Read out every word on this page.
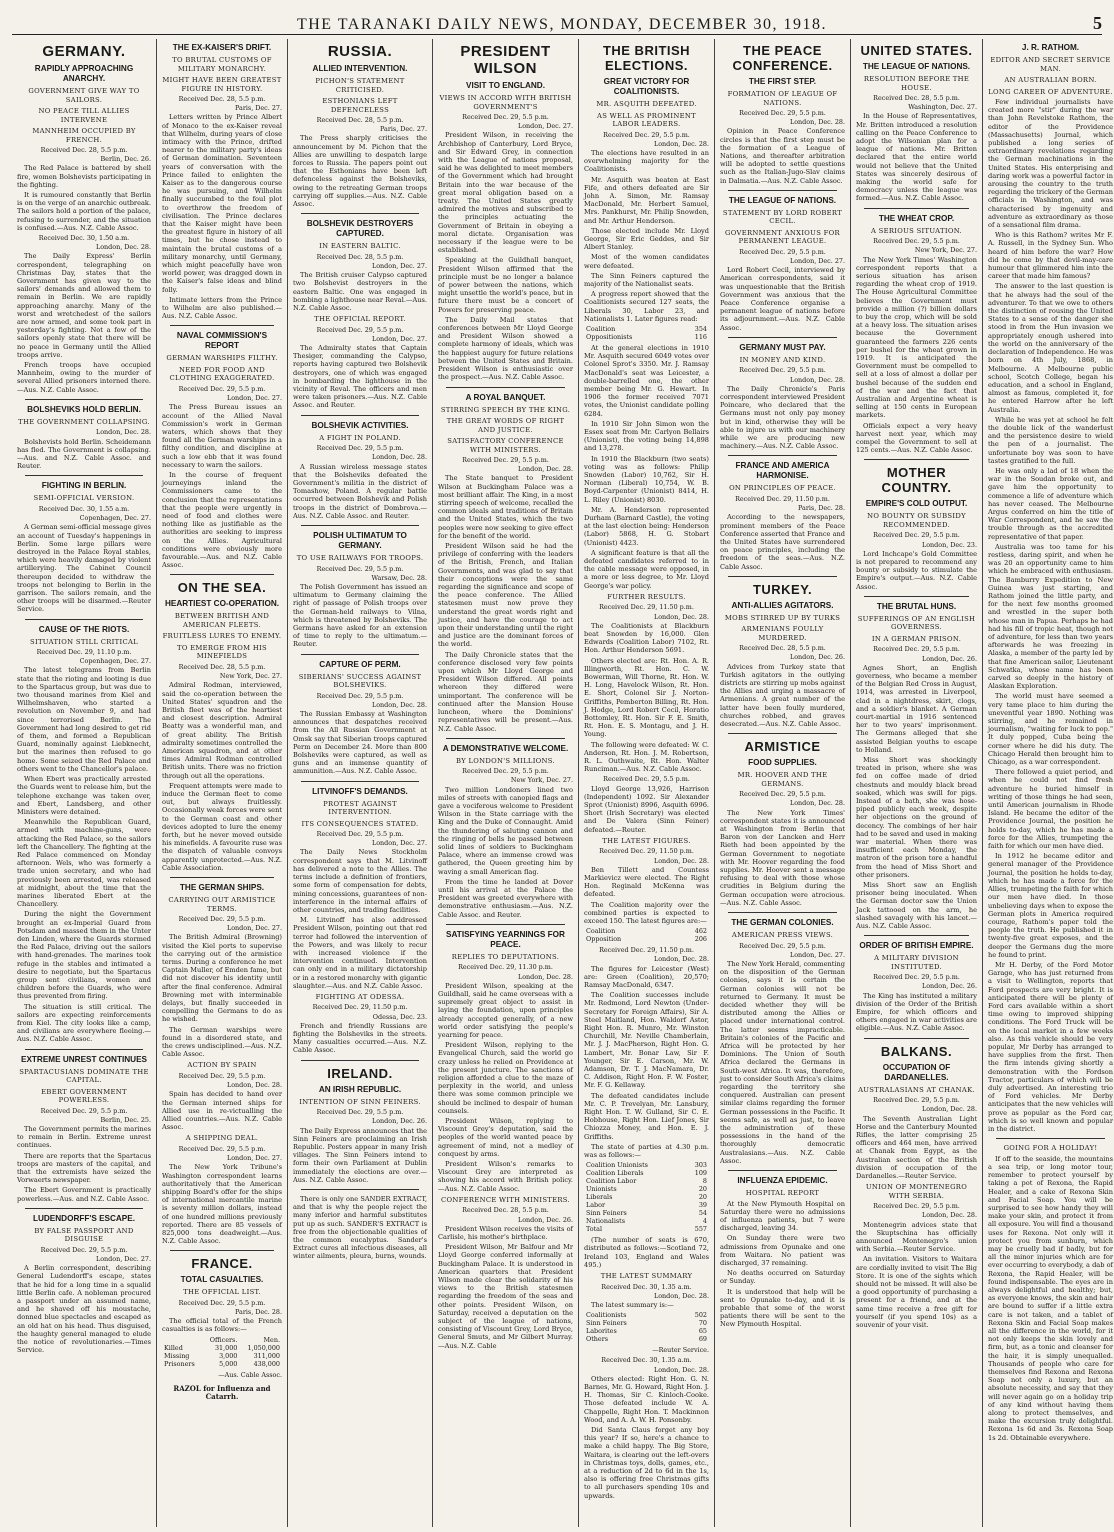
THE TARANAKI DAILY NEWS, MONDAY, DECEMBER 30, 1918.	5
GERMANY.
RAPIDLY APPROACHING ANARCHY.
GOVERNMENT GIVE WAY TO SAILORS.
NO PEACE TILL ALLIES INTERVENE
MANNHEIM OCCUPIED BY FRENCH.
Received Dec. 28, 5.5 p.m.
Berlin, Dec. 26.

The Red Palace is battered by shell fire, women Bolshevists participating in the fighting.

It is rumoured constantly that Berlin is on the verge of an anarchic outbreak. The sailors hold a portion of the palace, refusing to surrender, and the situation is confused.—Aus. N.Z. Cable Assoc.

Received Dec. 30, 1.50 a.m.
London, Dec. 28.

The Daily Express' Berlin correspondent, telegraphing on Christmas Day, states that the Government has given way to the sailors' demands and allowed them to remain in Berlin. We are rapidly approaching anarchy. Many of the worst and wretchedest of the sailors are now armed, and some took part in yesterday's fighting. Not a few of the sailors openly state that there will be no peace in Germany until the Allied troops arrive.

French troops have occupied Mannheim, owing to the murder of several Allied prisoners interned there.—Aus. N.Z. Cable Assoc.

BOLSHEVIKS HOLD BERLIN.
THE GOVERNMENT COLLAPSING.
London, Dec. 28.

Bolshevists hold Berlin. Scheidemann has fled. The Government is collapsing.—Aus. and N.Z. Cable Assoc. and Reuter.

FIGHTING IN BERLIN.
SEMI-OFFICIAL VERSION.
Received Dec. 30, 1.55 a.m.
Copenhagen, Dec. 27.

A German semi-official message gives an account of Tuesday's happenings in Berlin. Some large pillars were destroyed in the Palace Royal stables, which were heavily damaged by violent artillerying. The Cabinet Council thereupon decided to withdraw the troops not belonging to Berlin in the garrison. The sailors remain, and the other troops will be disarmed.—Reuter Service.

CAUSE OF THE RIOTS.
SITUATION STILL CRITICAL
Received Dec. 29, 11.10 p.m.
Copenhagen, Dec. 27.

The latest telegrams from Berlin state that the rioting and looting is due to the Spartacus group, but was due to two thousand marines from Kiel and Wilhelmshaven, who started a revolution on November 9, and had since terrorised Berlin. The Government had long desired to get rid of them, and formed a Republican Guard, nominally against Liebknecht, but the marines then refused to go home. Some seized the Red Palace and others went to the Chancellor's palace.

When Ebert was practically arrested the Guards went to release him, but the telephone exchange was taken over, and Ebert, Landsberg, and other Ministers were detained.

Meanwhile the Republican Guard, armed with machine-guns, were attacking the Red Palace, so the sailors left the Chancellery. The fighting at the Red Palace commenced on Monday afternoon. Wels, who was formerly a trade union secretary, and who had previously been arrested, was released at midnight, about the time that the marines liberated Ebert at the Chancellery.

During the night the Government brought an ex-Imperial Guard from Potsdam and massed them in the Unter den Linden, where the Guards stormed the Red Palace, driving out the sailors with hand-grenades. The marines took refuge in the stables and intimated a desire to negotiate, but the Spartacus group sent civilians, women and children before the Guards, who were thus prevented from firing.

The situation is still critical. The sailors are expecting reinforcements from Kiel. The city looks like a camp, and civilians are everywhere fleeing.—Aus. N.Z. Cable Assoc.

EXTREME UNREST CONTINUES
SPARTACUSIANS DOMINATE THE CAPITAL.
EBERT GOVERNMENT POWERLESS.
Received Dec. 29, 5.5 p.m.
Berlin, Dec. 25.

The Government permits the marines to remain in Berlin. Extreme unrest continues.

There are reports that the Spartacus troops are masters of the capital, and that the extremists have seized the Vorwaerts newspaper.

The Ebert Government is practically powerless.—Aus. and N.Z. Cable Assoc.

LUDENDORFF'S ESCAPE.
BY FALSE PASSPORT AND DISGUISE
Received Dec. 29, 5.5 p.m.
London, Dec. 27.

A Berlin correspondent, describing General Ludendorff's escape, states that he hid for a long time in a squalid little Berlin cafe. A nobleman procured a passport under an assumed name, and he shaved off his moustache, donned blue spectacles and escaped as an old hat on his head. Thus disguised, the haughty general managed to elude the notice of revolutionaries.—Times Service.

THE EX-KAISER'S DRIFT.
TO BRUTAL CUSTOMS OF MILITARY MONARCHY.
MIGHT HAVE BEEN GREATEST FIGURE IN HISTORY.
Received Dec. 28, 5.5 p.m.
Paris, Dec. 27.

Letters written by Prince Albert of Monaco to the ex-Kaiser reveal that Wilhelm, during years of close intimacy with the Prince, drifted nearer to the military party's ideas of German domination. Seventeen years of conversation with the Prince failed to enlighten the Kaiser as to the dangerous course he was pursuing, and Wilhelm finally succumbed to the foul plot to overthrow the freedom of civilisation. The Prince declares that the Kaiser might have been the greatest figure in history of all times, but he chose instead to maintain the brutal customs of a military monarchy, until Germany, which might peacefully have won world power, was dragged down in the Kaiser's false ideas and blind folly.

Intimate letters from the Prince to Wilhelm are also published.—Aus. N.Z. Cable Assoc.

NAVAL COMMISSION'S REPORT
GERMAN WARSHIPS FILTHY.
NEED FOR FOOD AND CLOTHING EXAGGERATED.
Received Dec. 29, 5.5 p.m.
London, Dec. 27.

The Press Bureau issues an account of the Allied Naval Commission's work in German waters, which shows that they found all the German warships in a filthy condition, and discipline at such a low ebb that it was found necessary to warn the sailors.

In the course of frequent journeyings inland the Commissioners came to the conclusion that the representations that the people were urgently in need of food and clothes were nothing like as justifiable as the authorities are seeking to impress on the Allies. Agricultural conditions were obviously more favourable.—Aus. and N.Z. Cable Assoc.

ON THE SEA.
HEARTIEST CO-OPERATION.
BETWEEN BRITISH AND AMERICAN FLEETS.
FRUITLESS LURES TO ENEMY.
TO EMERGE FROM HIS MINEFIELDS
Received Dec. 28, 5.5 p.m.
New York, Dec. 27.

Admiral Rodman, interviewed, said the co-operation between the United States' squadron and the British fleet was of the heartiest and closest description. Admiral Beatty was a wonderful man, and of great ability. The British admiralty sometimes controlled the American squadron, and at other times Admiral Rodman controlled British units. There was no friction through out all the operations.

Frequent attempts were made to induce the German fleet to come out, but always fruitlessly. Occasionally weak forces were sent to the German coast and other devices adopted to lure the enemy forth, but he never moved outside his minefields. A favourite ruse was the dispatch of valuable convoys apparently unprotected.—Aus. N.Z. Cable Association.

THE GERMAN SHIPS.
CARRYING OUT ARMISTICE TERMS.
Received Dec. 29, 5.5 p.m.
London, Dec. 27.

The British Admiral (Browning) visited the Kiel ports to supervise the carrying out of the armistice terms. During a conference he met Captain Muller, of Emden fame, but did not discover his identity until after the final conference. Admiral Browning met with interminable delays, but finally succeeded in compelling the Germans to do as he wished.

The German warships were found in a disordered state, and the crews undisciplined.—Aus. N.Z. Cable Assoc.

ACTION BY SPAIN
Received Dec. 29, 5.5 p.m.
London, Dec. 28.

Spain has decided to hand over the German interned ships for Allied use in re-victualling the Allied countries.—Aus. N.Z. Cable Assoc.

A SHIPPING DEAL.
Received Dec. 29, 5.5 p.m.
London, Dec. 27.

The New York Tribune's Washington correspondent learns authoritatively that the American shipping Board's offer for the ships of international mercantile marine is seventy million dollars, instead of one hundred millions previously reported. There are 85 vessels of 825,000 tons deadweight.—Aus. N.Z. Cable Assoc.

FRANCE.
TOTAL CASUALTIES.
THE OFFICIAL LIST.
Received Dec. 29, 5.5 p.m.
Paris, Dec. 28.

The official total of the French casualties is as follows:—

	Officers.	Men.
Killed	31,000	1,050,000
Missing	3,000	311,000
Prisoners	5,000	438,000
—Aus. Cable Assoc.
RAZOL for Influenza and Catarrh.
RUSSIA.
ALLIED INTERVENTION.
PICHON'S STATEMENT CRITICISED.
ESTHONIANS LEFT DEFENCELESS
Received Dec. 28, 5.5 p.m.
Paris, Dec. 27.

The Press sharply criticises the announcement by M. Pichon that the Allies are unwilling to despatch large forces to Russia. The papers point out that the Esthonians have been left defenceless against the Bolsheviks, owing to the retreating German troops carrying off supplies.—Aus. N.Z. Cable Assoc.

BOLSHEVIK DESTROYERS CAPTURED.
IN EASTERN BALTIC.
Received Dec. 28, 5.5 p.m.
London, Dec. 27.

The British cruiser Calypso captured two Bolshevist destroyers in the eastern Baltic. One was engaged in bombing a lighthouse near Reval.—Aus. N.Z. Cable Assoc.

THE OFFICIAL REPORT.
Received Dec. 29, 5.5 p.m.
London, Dec. 27.

The Admiralty states that Captain Thesiger, commanding the Calypso, reports having captured two Bolshevik destroyers, one of which was engaged in bombarding the lighthouse in the vicinity of Reval. The officers and men were taken prisoners.—Aus. N.Z. Cable Assoc. and Reuter.

BOLSHEVIK ACTIVITIES.
A FIGHT IN POLAND.
Received Dec. 29, 5.5 p.m.
London, Dec. 28.

A Russian wireless message states that the Bolsheviks defeated the Government's militia in the district of Tomashow, Poland. A regular battle occurred between Bolshevik and Polish troops in the district of Dombrova.—Aus. N.Z. Cable Assoc. and Reuter.

POLISH ULTIMATUM TO GERMANY.
TO USE RAILWAYS FOR TROOPS.
Received Dec. 29, 5.5 p.m.
Warsaw, Dec. 28.

The Polish Government has issued an ultimatum to Germany claiming the right of passage of Polish troops over the German-held railways to Vilna, which is threatened by Bolsheviks. The Germans have asked for an extension of time to reply to the ultimatum.—Reuter.

CAPTURE OF PERM.
SIBERIANS' SUCCESS AGAINST BOLSHEVIKS.
Received Dec. 29, 5.5 p.m.
London, Dec. 28.

The Russian Embassy at Washington announces that despatches received from the All Russian Government at Omsk say that Siberian troops captured Perm on December 24. More than 800 Bolsheviks were captured, as well as guns and an immense quantity of ammunition.—Aus. N.Z. Cable Assoc.

LITVINOFF'S DEMANDS.
PROTEST AGAINST INTERVENTION.
ITS CONSEQUENCES STATED.
Received Dec. 29, 5.5 p.m.
London, Dec. 27.

The Daily News Stockholm correspondent says that M. Litvinoff has delivered a note to the Allies. The terms include a definition of frontiers, some form of compensation for debts, mining concessions, guarantees of non-interference in the internal affairs of other countries, and trading facilities.

M. Litvinoff has also addressed President Wilson, pointing out that red terror had followed the intervention of the Powers, and was likely to recur with increased violence if the intervention continued. Intervention can only end in a military dictatorship or in a restored monarchy with gigantic slaughter.—Aus. and N.Z. Cable Assoc.

FIGHTING AT ODESSA.
Received Dec. 29, 11.50 p.m.
Odessa, Dec. 23.

French and friendly Russians are fighting the Bolsheviks in the streets. Many casualties occurred.—Aus. N.Z. Cable Assoc.

IRELAND.
AN IRISH REPUBLIC.
INTENTION OF SINN FEINERS.
Received Dec. 29, 5.5 p.m.
London, Dec. 26.

The Daily Express announces that the Sinn Feiners are proclaiming an Irish Republic. Posters appear in many Irish villages. The Sinn Feiners intend to form their own Parliament at Dublin immediately the elections are over.—Aus. N.Z. Cable Assoc.

There is only one SANDER EXTRACT, and that is why the people reject the many inferior and harmful substitutes put up as such. SANDER'S EXTRACT is free from the objectionable qualities of the common eucalyptus. Sander's Extract cures all infectious diseases, all winter ailments, pleura, burns, wounds.

PRESIDENT WILSON
VISIT TO ENGLAND.
VIEWS IN ACCORD WITH BRITISH GOVERNMENT'S
Received Dec. 29, 5.5 p.m.
London, Dec. 27.

President Wilson, in receiving the Archbishop of Canterbury, Lord Bryce, and Sir Edward Grey, in connection with the League of nations proposal, said he was delighted to meet members of the Government which had brought Britain into the war because of the great moral obligation based on a treaty. The United States greatly admired the motives and subscribed to the principles actuating the Government of Britain in obeying a moral dictate. Organisation was necessary if the league were to be established.

Speaking at the Guildhall banquet, President Wilson affirmed that the principle must be no longer a balance of power between the nations, which might unsettle the world's peace, but in future there must be a concert of Powers for preserving peace.

The Daily Mail states that conferences between Mr Lloyd George and President Wilson showed a complete harmony of ideals, which was the happiest augury for future relations between the United States and Britain. President Wilson is enthusiastic over the prospect.—Aus. N.Z. Cable Assoc.

A ROYAL BANQUET.
STIRRING SPEECH BY THE KING.
THE GREAT WORDS OF RIGHT AND JUSTICE.
SATISFACTORY CONFERENCE WITH MINISTERS.
Received Dec. 29, 5.5 p.m.
London, Dec. 28.

The State banquet to President Wilson at Buckingham Palace was a most brilliant affair. The King, in a most stirring speech of welcome, recalled the common ideals and traditions of Britain and the United States, which the two peoples were now seeking to give effect for the benefit of the world.

President Wilson said he had the privilege of conferring with the leaders of the British, French, and Italian Governments, and was glad to say that their conceptions were the same regarding the significance and scope of the peace conference. The Allied statesmen must now prove they understand the great words right and justice, and have the courage to act upon their understanding until the right and justice are the dominant forces of the world.

The Daily Chronicle states that the conference disclosed very few points upon which Mr Lloyd George and President Wilson differed. All points whereon they differed were unimportant. The conference will be continued after the Mansion House luncheon, where the Dominions' representatives will be present.—Aus. N.Z. Cable Assoc.

A DEMONSTRATIVE WELCOME.
BY LONDON'S MILLIONS.
Received Dec. 29, 5.5 p.m.
New York, Dec. 27.

Two million Londoners lined two miles of streets with canopied flags and gave a vociferous welcome to President Wilson in the State carriage with the King and the Duke of Connaught. Amid the thundering of saluting cannon and the ringing of bells he passed between solid lines of soldiers to Buckingham Palace, where an immense crowd was gathered, the Queen greeting him by waving a small American flag.

From the time he landed at Dover until his arrival at the Palace the President was greeted everywhere with demonstrative enthusiasm.—Aus. N.Z. Cable Assoc. and Reuter.

SATISFYING YEARNINGS FOR PEACE.
REPLIES TO DEPUTATIONS.
Received Dec. 29, 11.30 p.m.
London, Dec. 28.

President Wilson, speaking at the Guildhall, said he came overseas with a supremely great object to assist in laying the foundation, upon principles already accepted generally, of a new world order satisfying the people's yearning for peace.

President Wilson, replying to the Evangelical Church, said the world go crazy unless he relied on Providence at the present juncture. The sanctions of religion afforded a clue to the maze of perplexity in the world, and unless there was some common principle we should be inclined to despair of human counsels.

President Wilson, replying to Viscount Grey's deputation, said the peoples of the world wanted peace by agreement of mind, not a medley of conquest by arms.

President Wilson's remarks to Viscount Grey are interpreted as showing his accord with British policy.—Aus. N.Z. Cable Assoc.

CONFERENCE WITH MINISTERS.
Received Dec. 28, 5.5 p.m.
London, Dec. 26.

President Wilson receives the visits of Carlisle, his mother's birthplace.

President Wilson, Mr Balfour and Mr Lloyd George conferred informally at Buckingham Palace. It is understood in American quarters that President Wilson made clear the solidarity of his views to the British statesmen regarding the freedom of the seas and other points. President Wilson, on Saturday, received a deputation on the subject of the league of nations, consisting of Viscount Grey, Lord Bryce, General Smuts, and Mr Gilbert Murray.—Aus. N.Z. Cable

THE BRITISH ELECTIONS.
GREAT VICTORY FOR COALITIONISTS.
MR. ASQUITH DEFEATED.
AS WELL AS PROMINENT LABOR LEADERS.
Received Dec. 29, 5.5 p.m.
London, Dec. 28.

The elections have resulted in an overwhelming majority for the Coalitionists.

Mr. Asquith was beaten at East Fife, and others defeated are Sir John A. Simon, Mr. Ramsay MacDonald, Mr. Herbert Samuel, Mrs. Pankhurst, Mr. Philip Snowden, and Mr. Arthur Henderson.

Those elected include Mr. Lloyd George, Sir Eric Geddes, and Sir Albert Stanley.

Most of the women candidates were defeated.

The Sinn Feiners captured the majority of the Nationalist seats.

A progress report showed that the Coalitionists secured 127 seats, the Liberals 30, Labor 23, and Nationalists 1. Later figures read:

Coalition	354
Oppositionists	116

At the general elections in 1910 Mr. Asquith secured 6049 votes over Colonel Sprot's 3350. Mr. J. Ramsay MacDonald's seat was Leicester, a double-barrelled one, the other member being Mr. G. Hewart. In 1906 the former received 7071 votes, the Unionist candidate polling 6284.

In 1910 Sir John Simon won the Essex seat from Mr. Carlyon Bellairs (Unionist), the voting being 14,898 and 13,278.

In 1910 the Blackburn (two seats) voting was as follows: Philip Snowden (Labor) 10,762, Sir H. Norman (Liberal) 10,754, W. B. Boyd-Carpenter (Unionist) 8414, H. L. Riley (Unionist) 8030.

Mr. A. Henderson represented Durham (Barnard Castle), the voting at the last election being: Henderson (Labor) 5868, H. G. Stobart (Unionist) 4423.

A significant feature is that all the defeated candidates referred to in the cable message were opposed, in a more or less degree, to Mr. Lloyd George's war policy.

FURTHER RESULTS.
Received Dec. 29, 11.50 p.m.
London, Dec. 28.

The Coalitionists at Blackburn beat Snowden by 16,000. Glen Edwards (Coalition Labor) 7102, Rt. Hon. Arthur Henderson 5691.

Others elected are: Rt. Hon. A. R. Illingworth, Rt. Hon. C. W. Bowerman, Will Thorne, Rt. Hon. W. H. Long, Havelock Wilson, Rt. Hon. E. Short, Colonel Sir J. Norton-Griffiths, Pemberton Billing, Rt. Hon. J. Hodge, Lord Robert Cecil, Horatio Bottomley, Rt. Hon. Sir F. E. Smith, Rt. Hon. E. S. Montagu, and J. H. Young.

The following were defeated: W. C. Anderson, Rt. Hon. J. M. Robertson, R. L. Outhwaite, Rt. Hon. Walter Runciman.—Aus. N.Z. Cable Assoc.

Received Dec. 29, 5.5 p.m.

Lloyd George 13,926, Harrison (Independent) 1092. Sir Alexander Sprot (Unionist) 8996, Asquith 6996. Short (Irish Secretary) was elected and De Valera (Sinn Feiner) defeated.—Reuter.

THE LATEST FIGURES.
Received Dec. 29, 11.50 p.m.
London, Dec. 28.

Ben Tillett and Countess Markievicz were elected. The Right Hon. Reginald McKenna was defeated.

The Coalition majority over the combined parties is expected to exceed 150. The latest figures are:—

Coalition	462
Opposition	206
Received Dec. 29, 11.50 p.m.
London, Dec. 28.

The figures for Leicester (West) are: Green (Coalition), 20,570; Ramsay MacDonald, 6347.

The Coalition successes include Mr. Redmond, Lord Newton (Under-Secretary for Foreign Affairs), Sir A. Steel Maitland, Hon. Waldorf Astor, Right Hon. R. Munro, Mr. Winston Churchill, Mr. Neville Chamberlain, Mr. J. J. MacPherson, Right Hon. G. Lambert, Mr. Bonar Law, Sir F. Younger, Sir E. Carson, Mr. W. Adamson, Dr. T. J. MacNamara, Dr. C. Addison, Right Hon. F. W. Foster, Mr. F. G. Kellaway.

The defeated candidates include Mr. C. P. Trevelyan, Mr. Lansbury, Right Hon. T. W. Gulland, Sir C. E. Hobhouse, Right Hon. Lief Jones, Sir Chiozza Money, and Hon. E. J. Griffiths.

The state of parties at 4.30 p.m. was as follows:—

Coalition Unionists	303
Coalition Liberals	109
Coalition Labor	8
Unionists	20
Liberals	20
Labor	39
Sinn Feiners	54
Nationalists	4
Total	557

(The number of seats is 670, distributed as follows:—Scotland 72, Ireland 103, England and Wales 495.)

THE LATEST SUMMARY
Received Dec. 30, 1.35 a.m.
London, Dec. 28.

The latest summary is:—

Coalitionists	502
Sinn Feiners	70
Laborites	65
Others	69
—Reuter Service.
Received Dec. 30, 1.35 a.m.
London, Dec. 28.

Others elected: Right Hon. G. N. Barnes, Mr. G. Howard, Right Hon. J. H. Thomas, Sir C. Kinloch-Cooke. Those defeated include W. A. Chappelle, Right Hon. T. Mackinnon Wood, and A. A. W. H. Ponsonby.

Did Santa Claus forget any boy this year? If so, here's a chance to make a child happy. The Big Store, Waitara, is clearing out the left-overs in Christmas toys, dolls, games, etc., at a reduction of 2d to 6d in the 1s, also is offering free Christmas gifts to all purchasers spending 10s and upwards.

THE PEACE CONFERENCE.
THE FIRST STEP.
FORMATION OF LEAGUE OF NATIONS.
Received Dec. 29, 5.5 p.m.
London, Dec. 28.

Opinion in Peace Conference circles is that the first step must be the formation of a League of Nations, and thereafter arbitration will be adopted to settle questions such as the Italian-Jugo-Slav claims in Dalmatia.—Aus. N.Z. Cable Assoc.

THE LEAGUE OF NATIONS.
STATEMENT BY LORD ROBERT CECIL.
GOVERNMENT ANXIOUS FOR PERMANENT LEAGUE.
Received Dec. 29, 5.5 p.m.
London, Dec. 27.

Lord Robert Cecil, interviewed by American correspondents, said it was unquestionable that the British Government was anxious that the Peace Conference organise a permanent league of nations before its adjournment.—Aus. N.Z. Cable Assoc.

GERMANY MUST PAY.
IN MONEY AND KIND.
Received Dec. 29, 5.5 p.m.
London, Dec. 28.

The Daily Chronicle's Paris correspondent interviewed President Poincare, who declared that the Germans must not only pay money but in kind, otherwise they will be able to injure us with our machinery while we are producing new machinery.—Aus. N.Z. Cable Assoc.

FRANCE AND AMERICA HARMONISE.
ON PRINCIPLES OF PEACE.
Received Dec. 29, 11.50 p.m.
Paris, Dec. 28.

According to the newspapers, prominent members of the Peace Conference asserted that France and the United States have surrendered on peace principles, including the freedom of the seas.—Aus. N.Z. Cable Assoc.

TURKEY.
ANTI-ALLIES AGITATORS.
MOBS STIRRED UP BY TURKS
ARMENIANS FOULLY MURDERED.
Received Dec. 28, 5.5 p.m.
London, Dec. 26.

Advices from Turkey state that Turkish agitators in the outlying districts are stirring up mobs against the Allies and urging a massacre of Armenians. A great number of the latter have been foully murdered, churches robbed, and graves desecrated.—Aus. N.Z. Cable Assoc.

ARMISTICE
FOOD SUPPLIES.
MR. HOOVER AND THE GERMANS.
Received Dec. 29, 5.5 p.m.
London, Dec. 28.

The New York Times' correspondent states it is announced at Washington from Berlin that Baron von der Lancken and Herr Rieth had been appointed by the German Government to negotiate with Mr. Hoover regarding the food supplies. Mr. Hoover sent a message refusing to deal with those whose crudities in Belgium during the German occupation were atrocious.—Aus. N.Z. Cable Assoc.

THE GERMAN COLONIES.
AMERICAN PRESS VIEWS.
Received Dec. 29, 5.5 p.m.
London, Dec. 27.

The New York Herald, commenting on the disposition of the German colonies, says it is certain the German colonies will not be returned to Germany. It must be decided whether they will be distributed among the Allies or placed under international control. The latter seems impracticable. Britain's colonies of the Pacific and Africa will be protected by her Dominions. The Union of South Africa declared the Germans in South-west Africa. It was, therefore, just to consider South Africa's claims regarding the territory she conquered. Australian can present similar claims regarding the former German possessions in the Pacific. It seems safe, as well as just, to leave the administration of these possessions in the hand of the thoroughly democratic Australasians.—Aus. N.Z. Cable Assoc.

INFLUENZA EPIDEMIC.
HOSPITAL REPORT

At the New Plymouth Hospital on Saturday there were no admissions of influenza patients, but 7 were discharged, leaving 34.

On Sunday there were two admissions from Opunake and one from Waitara. No patient was discharged, 37 remaining.

No deaths occurred on Saturday or Sunday.

It is understood that help will be sent to Opunake to-day, and it is probable that some of the worst patients there will be sent to the New Plymouth Hospital.

UNITED STATES.
THE LEAGUE OF NATIONS.
RESOLUTION BEFORE THE HOUSE.
Received Dec. 28, 5.5 p.m.
Washington, Dec. 27.

In the House of Representatives, Mr. Britten introduced a resolution calling on the Peace Conference to adopt the Wilsonian plan for a league of nations. Mr. Britten declared that the entire world would not believe that the United States was sincerely desirous of making the world safe for democracy unless the league was formed.—Aus. N.Z. Cable Assoc.

THE WHEAT CROP.
A SERIOUS SITUATION.
Received Dec. 29, 5.5 p.m.
New York, Dec. 27.

The New York Times' Washington correspondent reports that a serious situation has arisen regarding the wheat crop of 1919. The House Agricultural Committee believes the Government must provide a million (?) billion dollars to buy the crop, which will be sold at a heavy loss. The situation arises because the Government guaranteed the farmers 226 cents per bushel for the wheat grown in 1919. It is anticipated the Government must be compelled to sell at a loss of almost a dollar per bushel because of the sudden end of the war and the fact that Australian and Argentine wheat is selling at 150 cents in European markets.

Officials expect a very heavy harvest next year, which may compel the Government to sell at 125 cents.—Aus. N.Z. Cable Assoc.

MOTHER COUNTRY.
EMPIRE'S COLD OUTPUT.
NO BOUNTY OR SUBSIDY RECOMMENDED.
Received Dec. 29, 5.5 p.m.
London, Dec. 23.

Lord Inchcape's Gold Committee is not prepared to recommend any bounty or subsidy to stimulate the Empire's output.—Aus. N.Z. Cable Assoc.

THE BRUTAL HUNS.
SUFFERINGS OF AN ENGLISH GOVERNESS.
IN A GERMAN PRISON.
Received Dec. 29, 5.5 p.m.
London, Dec. 26.

Agnes Short, an English governess, who became a member of the Belgian Red Cross in August, 1914, was arrested in Liverpool, clad in a nightdress, skirt, clogs, and a soldier's blanket. A German court-martial in 1916 sentenced her to two years' imprisonment. The Germans alleged that she assisted Belgian youths to escape to Holland.

Miss Short was shockingly treated in prison, where she was fed on coffee made of dried chestnuts and mouldy black bread soaked, which was swill for pigs. Instead of a bath, she was hose-piped publicly each week, despite her objections on the ground of decency. The combings of her hair had to be saved and used in making war material. When there was insufficient each Monday, the matron of the prison tore a handful from the head of Miss Short and other prisoners.

Miss Short saw an English prisoner being inoculated. When the German doctor saw the Union Jack tattooed on the arm, he slashed savagely with his lancet.—Aus. N.Z. Cable Assoc.

ORDER OF BRITISH EMPIRE.
A MILITARY DIVISION INSTITUTED.
Received Dec. 29, 5.5 p.m.
London, Dec. 26.

The King has instituted a military division of the Order of the British Empire, for which officers and others engaged in war activities are eligible.—Aus. N.Z. Cable Assoc.

BALKANS.
OCCUPATION OF DARDANELLES.
AUSTRALASIANS AT CHANAK.
Received Dec. 29, 5.5 p.m.
London, Dec. 28.

The Seventh Australian Light Horse and the Canterbury Mounted Rifles, the latter comprising 25 officers and 464 men, have arrived at Chanak from Egypt, as the Australian section of the British division of occupation of the Dardanelles.—Reuter Service.

UNION OF MONTENEGRO WITH SERBIA.
Received Dec. 29, 5.5 p.m.
London, Dec. 28.

Montenegrin advices state that the Skuptschina has officially announced Montenegro's union with Serbia.—Reuter Service.

An invitation. Visitors to Waitara are cordially invited to visit The Big Store. It is one of the sights which should not be missed. It will also be a good opportunity of purchasing a present for a friend, and at the same time receive a free gift for yourself (if you spend 10s) as a souvenir of your visit.

J. R. RATHOM.
EDITOR AND SECRET SERVICE MAN.
AN AUSTRALIAN BORN.
LONG CAREER OF ADVENTURE.

Few individual journalists have created more "stir" during the war than John Revelstoke Rathom, the editor of the Providence (Massachusetts) Journal, which published a long series of extraordinary revelations regarding the German machinations in the United States. His enterprising and daring work was a powerful factor in arousing the country to the truth regarding the trickery of the German officials in Washington, and was characterised by ingenuity and adventure as extraordinary as those of a sensational film drama.

Who is this Rathom? writes Mr F. A. Russell, in the Sydney Sun. Who heard of him before the war? How did he come by that devil-may-care humour that glimmered him into the career that made him famous?

The answer to the last question is that he always had the soul of the adventurer. To that we owe to others the distinction of rousing the United States to a sense of the danger she stood in from the Hun invasion we appropriately enough ushered into the world on the anniversary of the declaration of Independence. He was born on 4th July, 1868, in Melbourne. A Melbourne public school, Scotch College, began his education, and a school in England, almost as famous, completed it, for he entered Harrow after he left Australia.

While he was yet at school he felt the double lick of the wanderlust and the persistence desire to wield the pen of a journalist. The unfortunate boy was soon to have tastes gratified to the full.

He was only a lad of 18 when the war in the Soudan broke out, and gave him the opportunity to commence a life of adventure which has never ceased. The Melbourne Argus conferred on him the title of War Correspondent, and he saw the trouble through as the accredited representative of that paper.

Australia was too tame for his restless, daring spirit, and when he was 20 an opportunity came to him which he embraced with enthusiasm. The Bamburry Expedition to New Guinea was just starting, and Rathom joined the little party, and for the next few months groomed and wrestled in the super both whose man in Papua. Perhaps he had had his fill of tropic heat, though not of adventure, for less than two years afterwards he was freezing in Alaska, a member of the party led by that fine American sailor, Lieutenant Schwatka, whose name has been carved so deeply in the history of Alaskan Exploration.

The world must have seemed a very tame place to him during the uneventful year 1890. Nothing was stirring, and he remained in journalism, "waiting for luck to pop." It duly popped, Cuba being the corner where he did his duty. The Chicago Herald then brought him to Chicago, as a war correspondent.

There followed a quiet period, and when he could not find fresh adventure he buried himself in writing of those things he had seen, until American journalism in Rhode Island. He became the editor of the Providence Journal, the position he holds to-day, which he has made a force for the Allies, trumpeting the faith for which our men have died.

In 1912 he became editor and general manager of the Providence Journal, the position he holds to-day, which he has made a force for the Allies, trumpeting the faith for which our men have died. In those unbelieving days when to expose the German plots in America required courage, Rathom's paper told the people the truth. He published it in twenty-five great exposes, and the deeper the Germans dug the more he found to print.

Mr H. Derby, of the Ford Motor Garage, who has just returned from a visit to Wellington, reports that Ford prospects are very bright. It is anticipated there will be plenty of Ford cars available within a short time owing to improved shipping conditions. The Ford Truck will be on the local market in a few weeks also. As this vehicle should be very popular, Mr Derby has arranged to have supplies from the first. Then the firm intends giving shortly a demonstration with the Fordson Tractor, particulars of which will be duly advertised. An interesting trio of Ford vehicles. Mr Derby anticipates that the new vehicles will prove as popular as the Ford car, which is so well known and popular in the district.

GOING FOR A HOLIDAY!

If off to the seaside, the mountains a sea trip, or long motor tour, remember to protect yourself by taking a pot of Rexona, the Rapid Healer, and a cake of Rexona Skin and Facial Soap. You will be surprised to see how handy they will make your skin, and protect it from all exposure. You will find a thousand uses for Rexona. Not only will it protect you from sunburn, which may be cruelly bad if badly, but for all the minor injuries which are for ever occurring to everybody, a dab of Rexona, the Rapid Healer, will be found indispensable. The eyes are in always delightful and healthy; but, as everyone knows, the skin and hair are bound to suffer if a little extra care is not taken, and a tablet of Rexona Skin and Facial Soap makes all the difference in the world, for it not only keeps the skin lovely and firm, but, as a tonic and cleanser for the hair, it is simply unequalled. Thousands of people who care for themselves find Rexona and Rexona Soap not only a luxury, but an absolute necessity, and say that they will never again go on a holiday trip of any kind without having them along to protect themselves, and make the excursion truly delightful. Rexona 1s 6d and 3s. Rexona Soap 1s 2d. Obtainable everywhere.
